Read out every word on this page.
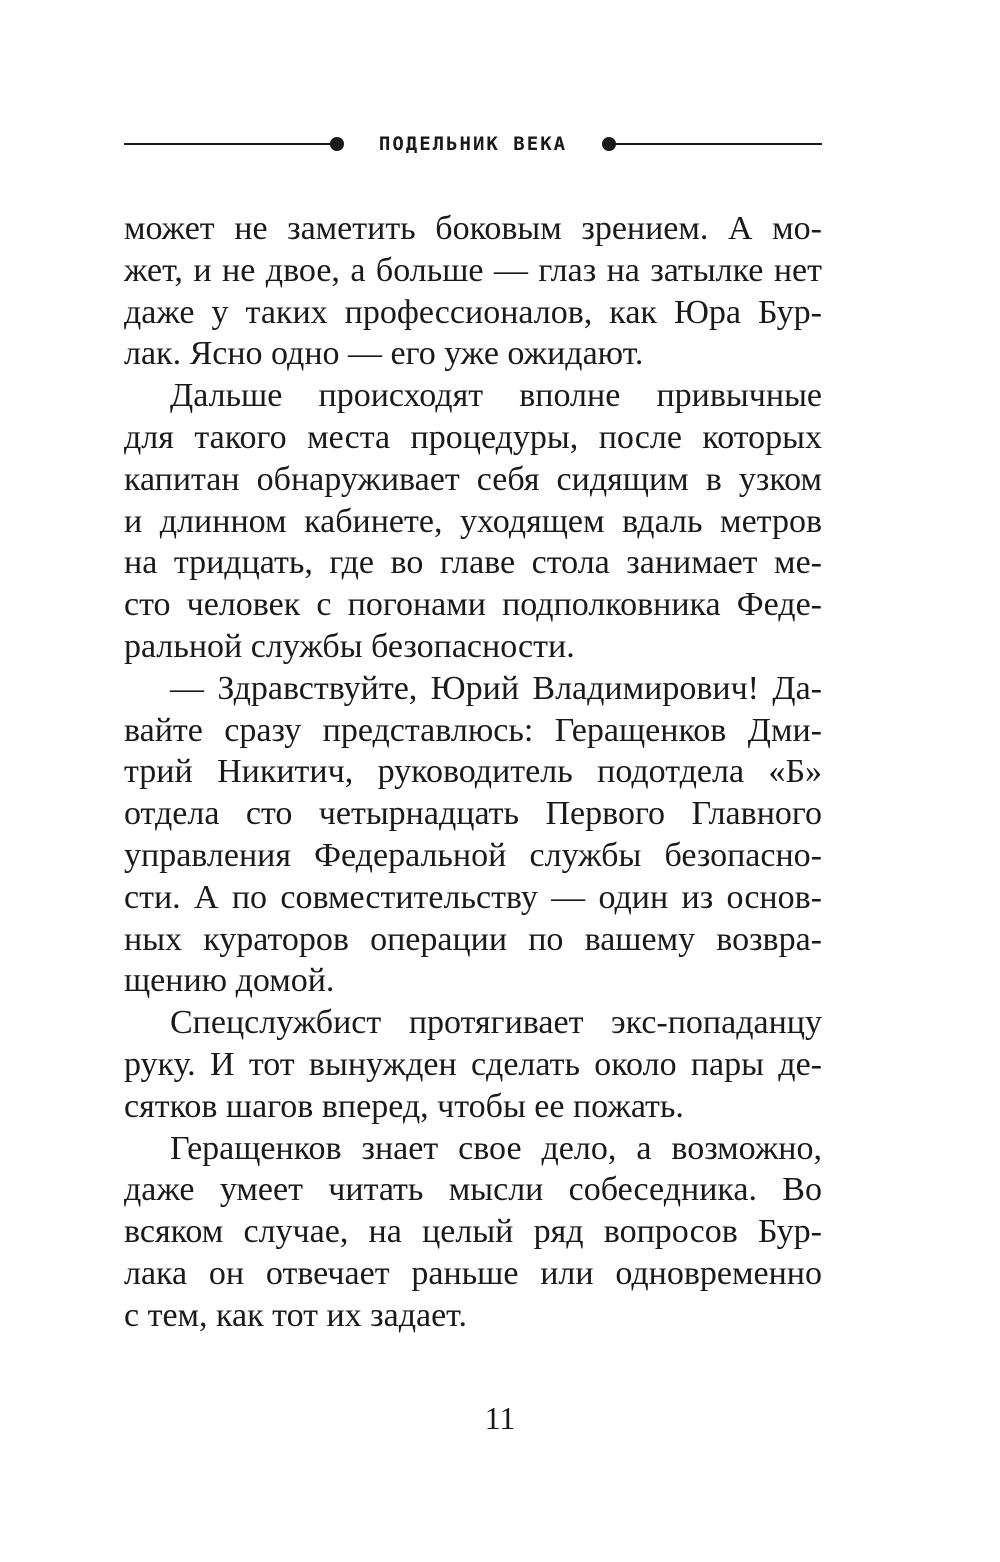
ПОДЕЛЬНИК ВЕКА
может не заметить боковым зрением. А мо-
жет, и не двое, а больше — глаз на затылке нет
даже у таких профессионалов, как Юра Бур-
лак. Ясно одно — его уже ожидают.
Дальше происходят вполне привычные
для такого места процедуры, после которых
капитан обнаруживает себя сидящим в узком
и длинном кабинете, уходящем вдаль метров
на тридцать, где во главе стола занимает ме-
сто человек с погонами подполковника Феде-
ральной службы безопасности.
— Здравствуйте, Юрий Владимирович! Да-
вайте сразу представлюсь: Геращенков Дми-
трий Никитич, руководитель подотдела «Б»
отдела сто четырнадцать Первого Главного
управления Федеральной службы безопасно-
сти. А по совместительству — один из основ-
ных кураторов операции по вашему возвра-
щению домой.
Спецслужбист протягивает экс-попаданцу
руку. И тот вынужден сделать около пары де-
сятков шагов вперед, чтобы ее пожать.
Геращенков знает свое дело, а возможно,
даже умеет читать мысли собеседника. Во
всяком случае, на целый ряд вопросов Бур-
лака он отвечает раньше или одновременно
с тем, как тот их задает.
11
